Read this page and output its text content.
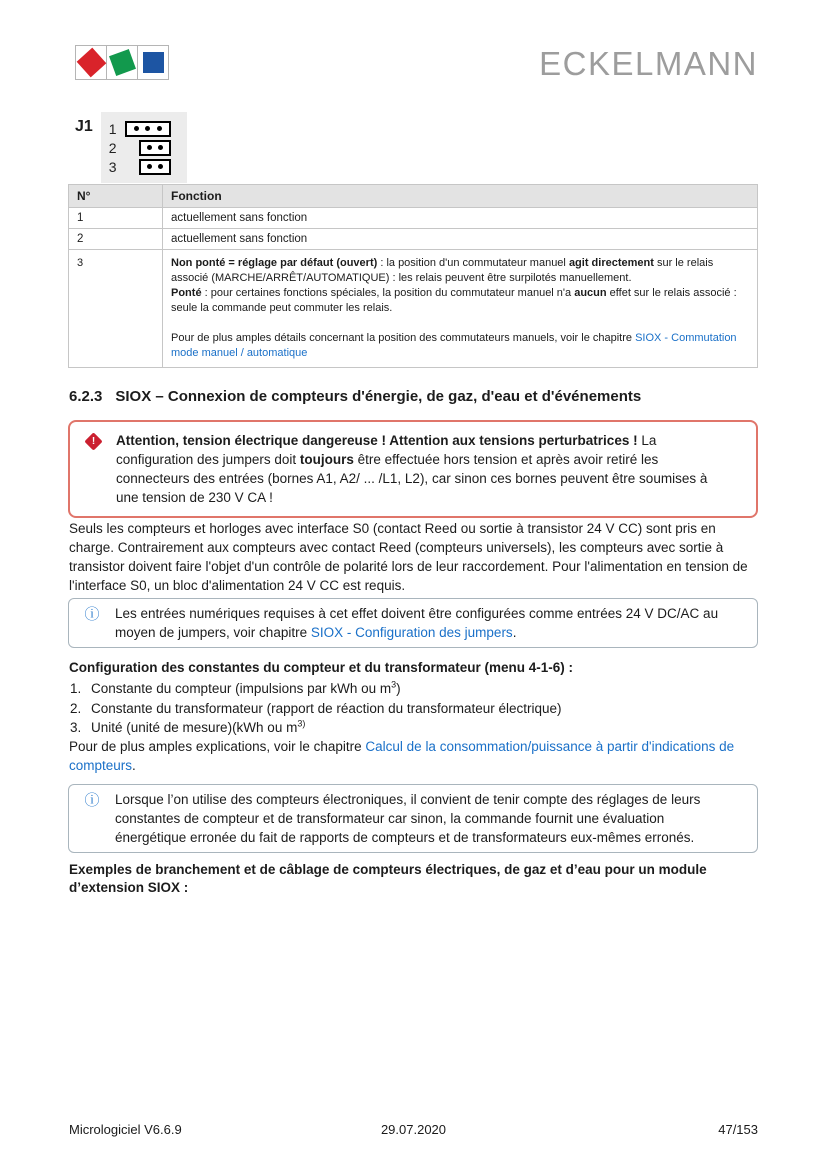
ECKELMANN
J1 1
2
3
N°	Fonction
1	actuellement sans fonction
2	actuellement sans fonction
3	Non ponté = réglage par défaut (ouvert) : la position d'un commutateur manuel agit directement sur le relais associé (MARCHE/ARRÊT/AUTOMATIQUE) : les relais peuvent être surpilotés manuellement.

Ponté : pour certaines fonctions spéciales, la position du commutateur manuel n'a aucun effet sur le relais associé : seule la commande peut commuter les relais.

Pour de plus amples détails concernant la position des commutateurs manuels, voir le chapitre SIOX - Commutation mode manuel / automatique

6.2.3 SIOX – Connexion de compteurs d'énergie, de gaz, d'eau et d'événements
!	Attention, tension électrique dangereuse ! Attention aux tensions perturbatrices ! La configuration des jumpers doit toujours être effectuée hors tension et après avoir retiré les connecteurs des entrées (bornes A1, A2/ ... /L1, L2), car sinon ces bornes peuvent être soumises à une tension de 230 V CA !
Seuls les compteurs et horloges avec interface S0 (contact Reed ou sortie à transistor 24 V CC) sont pris en charge. Contrairement aux compteurs avec contact Reed (compteurs universels), les compteurs avec sortie à transistor doivent faire l'objet d'un contrôle de polarité lors de leur raccordement. Pour l'alimentation en tension de l'interface S0, un bloc d'alimentation 24 V CC est requis.
ⓘ Les entrées numériques requises à cet effet doivent être configurées comme entrées 24 V DC/AC au moyen de jumpers, voir chapitre SIOX - Configuration des jumpers.
Configuration des constantes du compteur et du transformateur (menu 4-1-6) :
1. Constante du compteur (impulsions par kWh ou $m^3$)
2. Constante du transformateur (rapport de réaction du transformateur électrique)
3. Unité (unité de mesure)(kWh ou $m^{3)}$
Pour de plus amples explications, voir le chapitre Calcul de la consommation/puissance à partir d'indications de compteurs.
ⓘ Lorsque l’on utilise des compteurs électroniques, il convient de tenir compte des réglages de leurs constantes de compteur et de transformateur car sinon, la commande fournit une évaluation énergétique erronée du fait de rapports de compteurs et de transformateurs eux-mêmes erronés.
Exemples de branchement et de câblage de compteurs électriques, de gaz et d’eau pour un module d’extension SIOX :
29.07.2020
Micrologiciel V6.6.9	47/153
